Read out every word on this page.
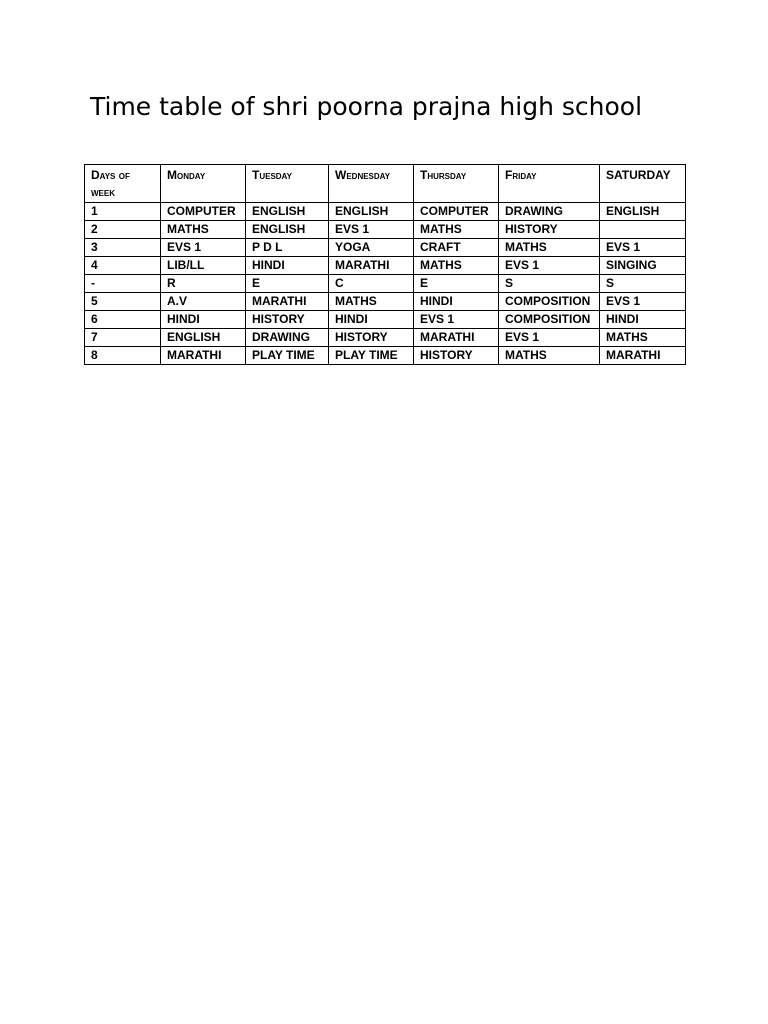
Time table of shri poorna prajna high school
Days of week	Monday	Tuesday	Wednesday	Thursday	Friday	SATURDAY
1	COMPUTER	ENGLISH	ENGLISH	COMPUTER	DRAWING	ENGLISH
2	MATHS	ENGLISH	EVS 1	MATHS	HISTORY	
3	EVS 1	P D L	YOGA	CRAFT	MATHS	EVS 1
4	LIB/LL	HINDI	MARATHI	MATHS	EVS 1	SINGING
-	R	E	C	E	S	S
5	A.V	MARATHI	MATHS	HINDI	COMPOSITION	EVS 1
6	HINDI	HISTORY	HINDI	EVS 1	COMPOSITION	HINDI
7	ENGLISH	DRAWING	HISTORY	MARATHI	EVS 1	MATHS
8	MARATHI	PLAY TIME	PLAY TIME	HISTORY	MATHS	MARATHI
